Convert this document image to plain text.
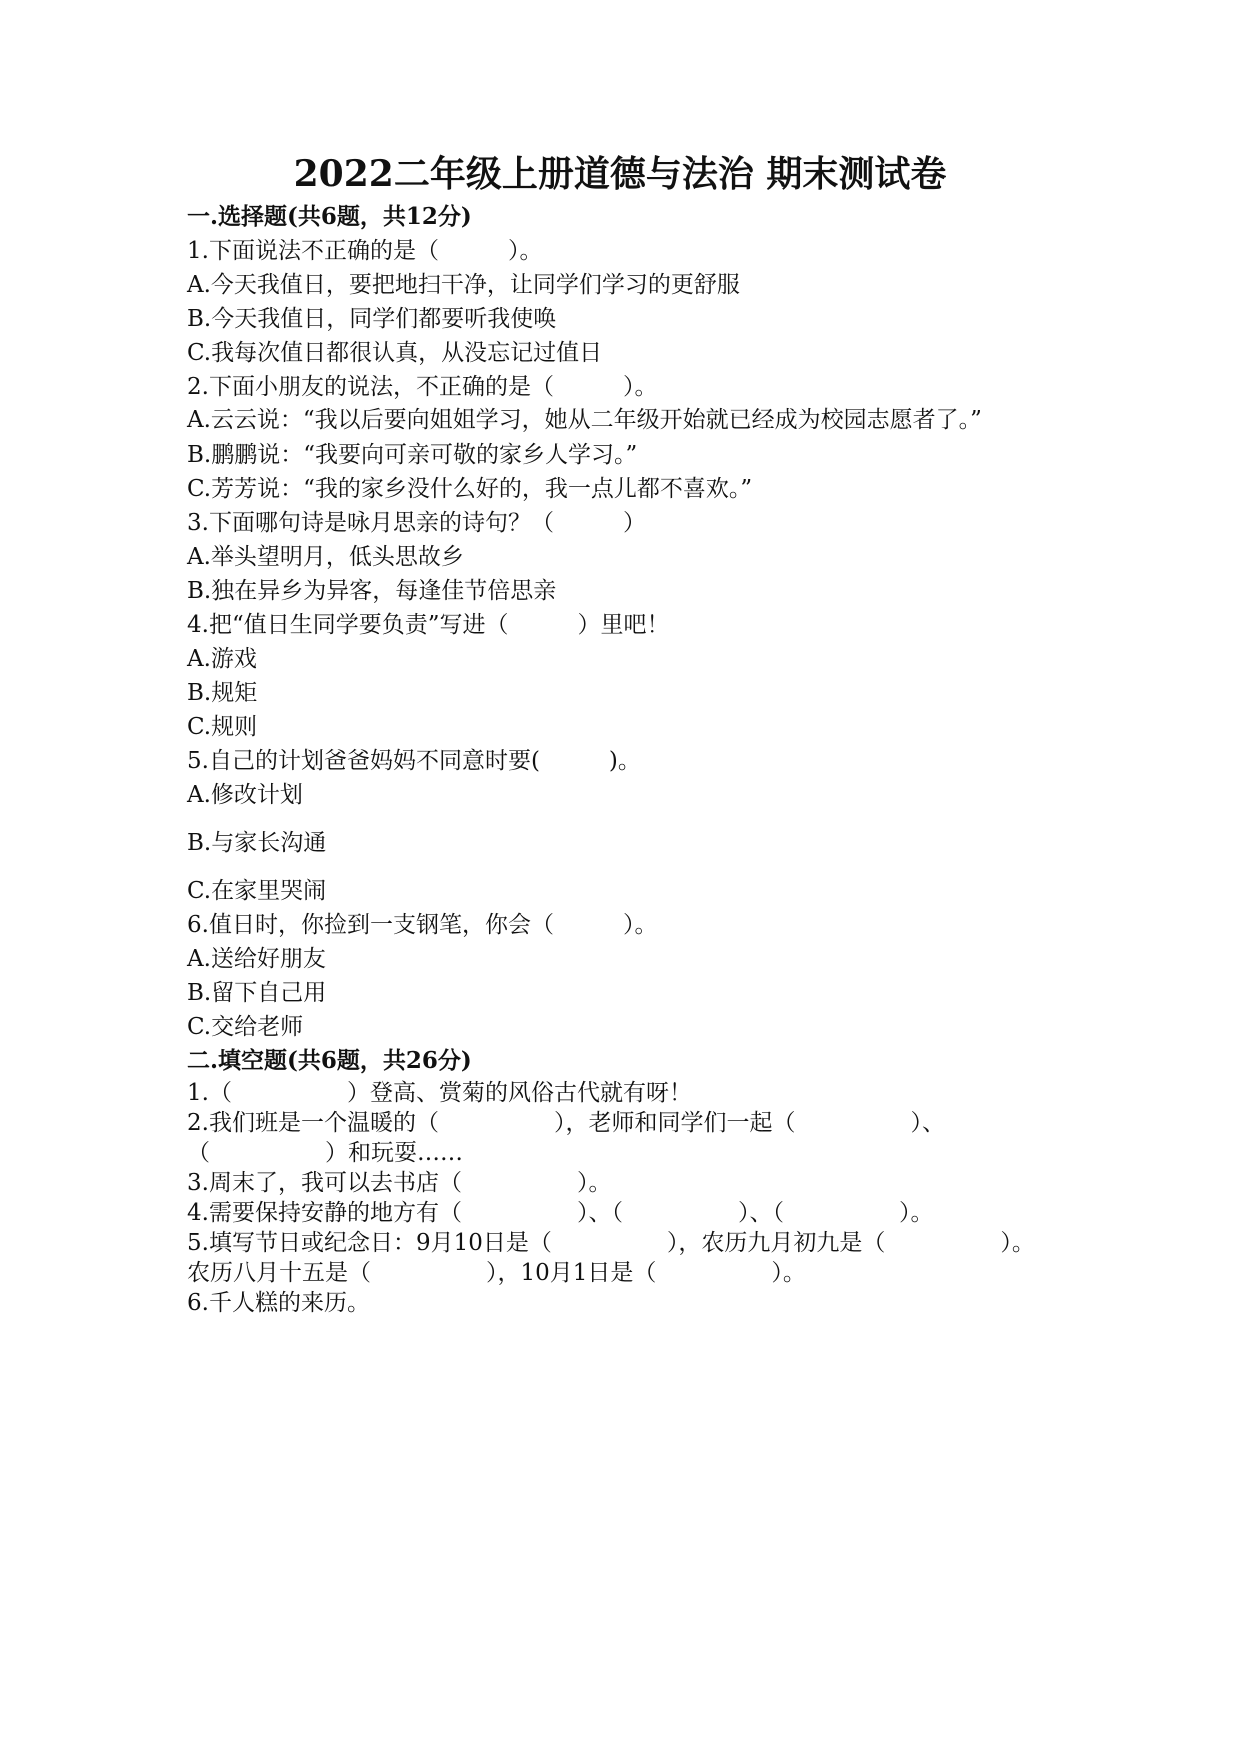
2022二年级上册道德与法治 期末测试卷
一.选择题(共6题，共12分)
1.下面说法不正确的是（　　　）。
A.今天我值日，要把地扫干净，让同学们学习的更舒服
B.今天我值日，同学们都要听我使唤
C.我每次值日都很认真，从没忘记过值日
2.下面小朋友的说法，不正确的是（　　　）。
A.云云说：“我以后要向姐姐学习，她从二年级开始就已经成为校园志愿者了。”
B.鹏鹏说：“我要向可亲可敬的家乡人学习。”
C.芳芳说：“我的家乡没什么好的，我一点儿都不喜欢。”
3.下面哪句诗是咏月思亲的诗句？（　　　）
A.举头望明月，低头思故乡
B.独在异乡为异客，每逢佳节倍思亲
4.把“值日生同学要负责”写进（　　　）里吧！
A.游戏
B.规矩
C.规则
5.自己的计划爸爸妈妈不同意时要(　　　)。
A.修改计划
B.与家长沟通
C.在家里哭闹
6.值日时，你捡到一支钢笔，你会（　　　）。
A.送给好朋友
B.留下自己用
C.交给老师
二.填空题(共6题，共26分)
1.（　　　　　）登高、赏菊的风俗古代就有呀！
2.我们班是一个温暖的（　　　　　），老师和同学们一起（　　　　　）、（　　　　　）和玩耍……
3.周末了，我可以去书店（　　　　　）。
4.需要保持安静的地方有（　　　　　）、（　　　　　）、（　　　　　）。
5.填写节日或纪念日：9月10日是（　　　　　），农历九月初九是（　　　　　）。农历八月十五是（　　　　　），10月1日是（　　　　　）。
6.千人糕的来历。
